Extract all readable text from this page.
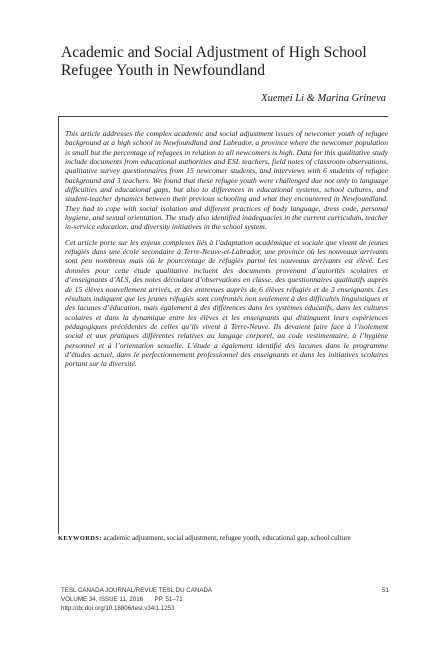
Academic and Social Adjustment of High School Refugee Youth in Newfoundland
Xuemei Li & Marina Grineva

This article addresses the complex academic and social adjustment issues of newcomer youth of refugee background at a high school in Newfoundland and Labrador, a province where the newcomer population is small but the percentage of refugees in relation to all newcomers is high. Data for this qualitative study include documents from educational authorities and ESL teachers, field notes of classroom observations, qualitative survey questionnaires from 15 newcomer students, and interviews with 6 students of refugee background and 3 teachers. We found that these refugee youth were challenged due not only to language difficulties and educational gaps, but also to differences in educational systems, school cultures, and student-teacher dynamics between their previous schooling and what they encountered in Newfoundland. They had to cope with social isolation and different practices of body language, dress code, personal hygiene, and sexual orientation. The study also identified inadequacies in the current curriculum, teacher in-service education, and diversity initiatives in the school system.

Cet article porte sur les enjeux complexes liés à l’adaptation académique et sociale que vivent de jeunes réfugiés dans une école secondaire à Terre-Neuve-et-Labrador, une province où les nouveaux arrivants sont peu nombreux mais où le pourcentage de réfugiés parmi les nouveaux arrivants est élevé. Les données pour cette étude qualitative incluent des documents provenant d’autorités scolaires et d’enseignants d’ALS, des notes découlant d’observations en classe, des questionnaires qualitatifs auprès de 15 élèves nouvellement arrivés, et des entrevues auprès de 6 élèves réfugiés et de 3 enseignants. Les résultats indiquent que les jeunes réfugiés sont confrontés non seulement à des difficultés linguistiques et des lacunes d’éducation, mais également à des différences dans les systèmes éducatifs, dans les cultures scolaires et dans la dynamique entre les élèves et les enseignants qui distinguent leurs expériences pédagogiques précédentes de celles qu’ils vivent à Terre-Neuve. Ils devaient faire face à l’isolement social et aux pratiques différentes relatives au langage corporel, au code vestimentaire, à l’hygiène personnel et à l’orientation sexuelle. L’étude a également identifié des lacunes dans le programme d’études actuel, dans le perfectionnement professionnel des enseignants et dans les initiatives scolaires portant sur la diversité.

KEYWORDS: academic adjustment, social adjustment, refugee youth, educational gap, school culture

TESL CANADA JOURNAL/REVUE TESL DU CANADA
VOLUME 34, ISSUE 11, 2016 PP. 51–71
http://dx.doi.org/10.18806/tesl.v34i1.1253
51
